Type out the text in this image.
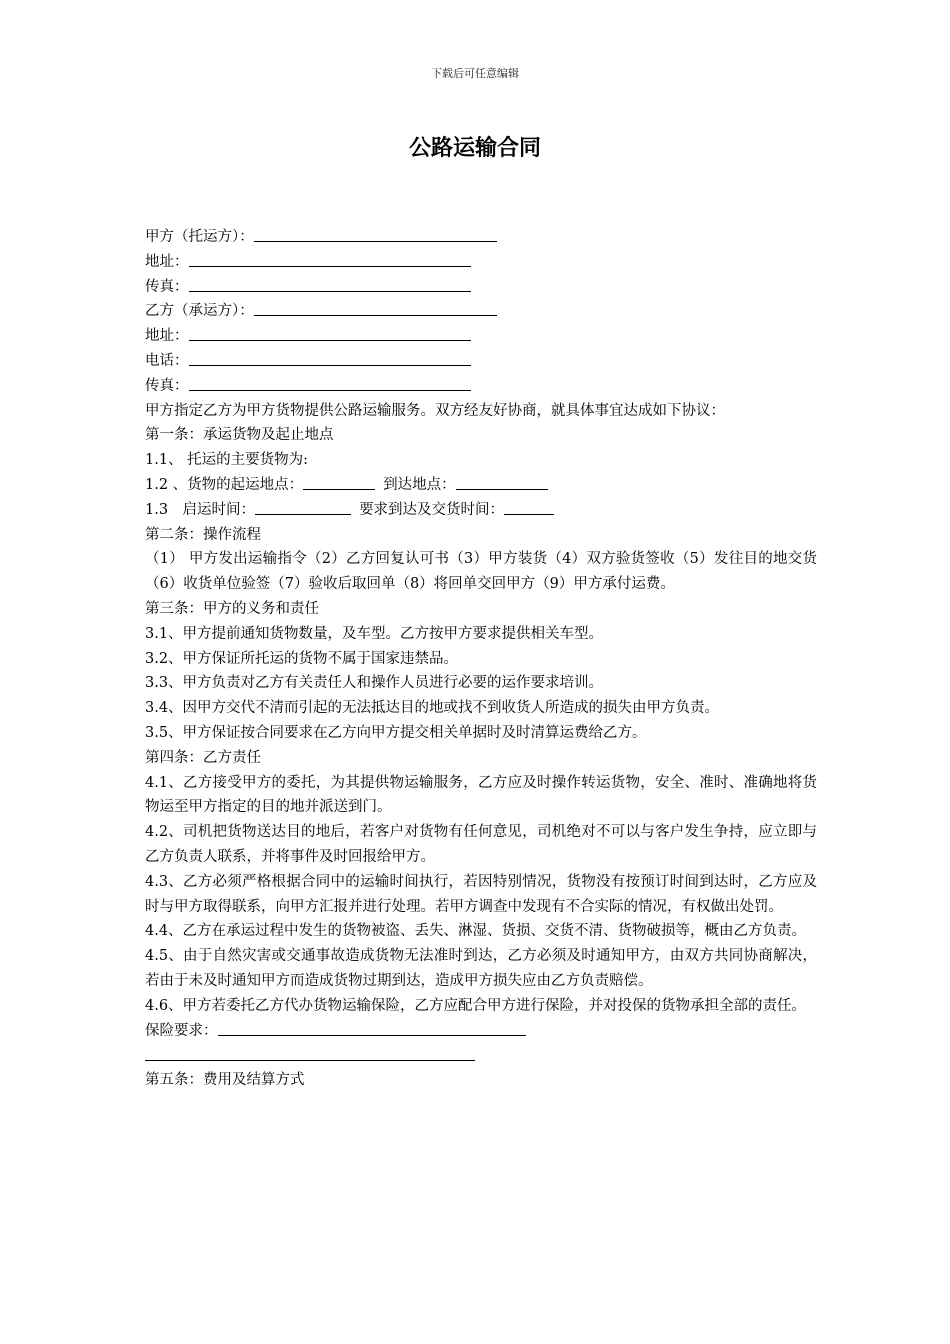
下载后可任意编辑
公路运输合同

甲方（托运方）：

地址：

传真：

乙方（承运方）：

地址：

电话：

传真：

甲方指定乙方为甲方货物提供公路运输服务。双方经友好协商，就具体事宜达成如下协议：

第一条：承运货物及起止地点

1.1、 托运的主要货物为:

1.2 、货物的起运地点：	到达地点：

1.3　启运时间：	要求到达及交货时间：

第二条：操作流程

（1） 甲方发出运输指令（2）乙方回复认可书（3）甲方装货（4）双方验货签收（5）发往目的地交货（6）收货单位验签（7）验收后取回单（8）将回单交回甲方（9）甲方承付运费。

第三条：甲方的义务和责任

3.1、甲方提前通知货物数量，及车型。乙方按甲方要求提供相关车型。

3.2、甲方保证所托运的货物不属于国家违禁品。

3.3、甲方负责对乙方有关责任人和操作人员进行必要的运作要求培训。

3.4、因甲方交代不清而引起的无法抵达目的地或找不到收货人所造成的损失由甲方负责。

3.5、甲方保证按合同要求在乙方向甲方提交相关单据时及时清算运费给乙方。

第四条：乙方责任

4.1、乙方接受甲方的委托，为其提供物运输服务，乙方应及时操作转运货物，安全、准时、准确地将货物运至甲方指定的目的地并派送到门。

4.2、司机把货物送达目的地后，若客户对货物有任何意见，司机绝对不可以与客户发生争持，应立即与乙方负责人联系，并将事件及时回报给甲方。

4.3、乙方必须严格根据合同中的运输时间执行，若因特别情况，货物没有按预订时间到达时，乙方应及时与甲方取得联系，向甲方汇报并进行处理。若甲方调查中发现有不合实际的情况，有权做出处罚。

4.4、乙方在承运过程中发生的货物被盗、丢失、淋湿、货损、交货不清、货物破损等，概由乙方负责。

4.5、由于自然灾害或交通事故造成货物无法准时到达，乙方必须及时通知甲方，由双方共同协商解决，若由于未及时通知甲方而造成货物过期到达，造成甲方损失应由乙方负责赔偿。

4.6、甲方若委托乙方代办货物运输保险，乙方应配合甲方进行保险，并对投保的货物承担全部的责任。

保险要求：

第五条：费用及结算方式
